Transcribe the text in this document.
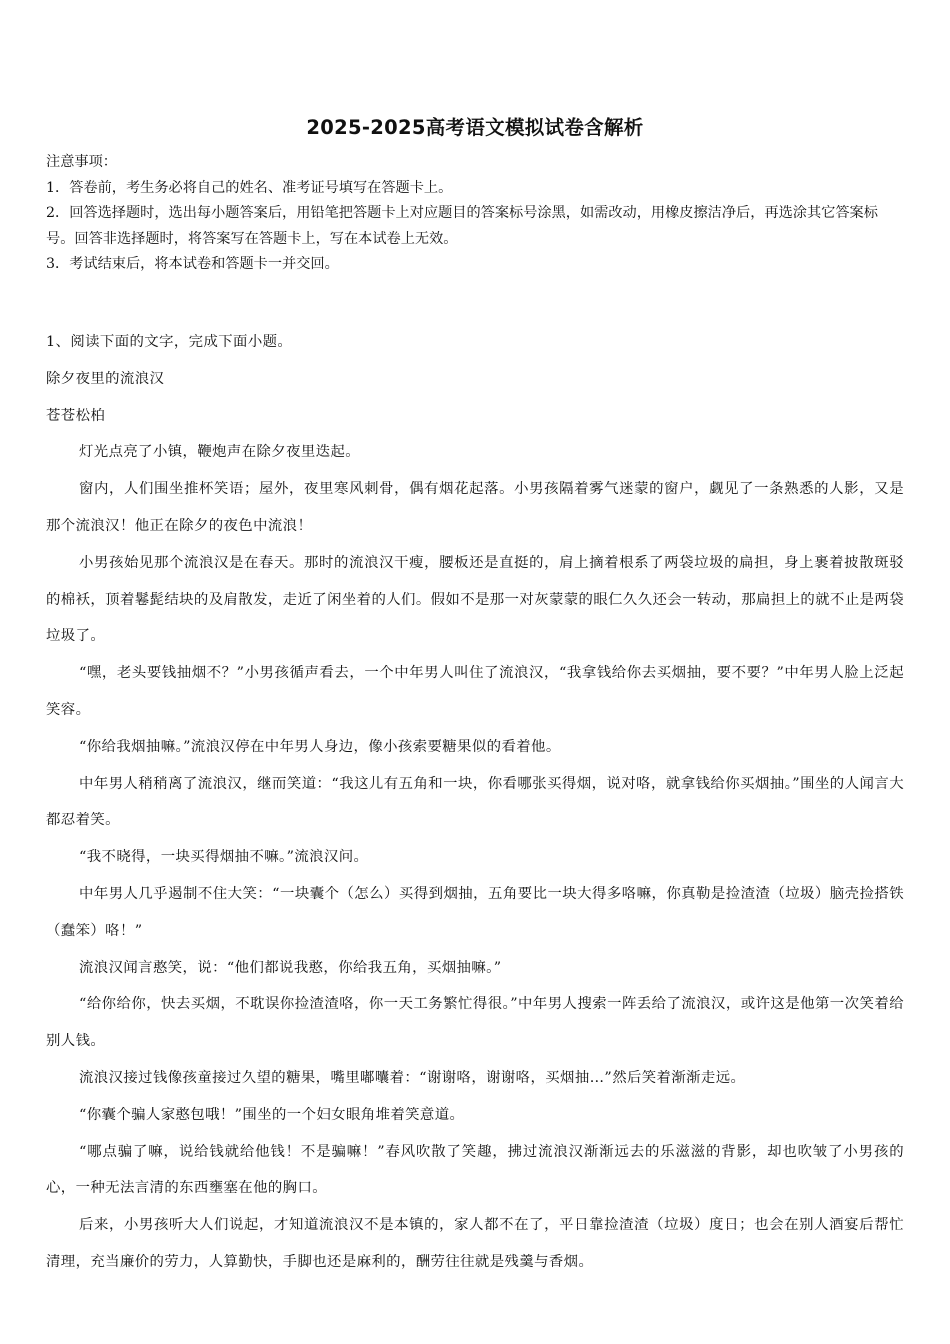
2025-2025高考语文模拟试卷含解析

注意事项：

1．答卷前，考生务必将自己的姓名、准考证号填写在答题卡上。

2．回答选择题时，选出每小题答案后，用铅笔把答题卡上对应题目的答案标号涂黑，如需改动，用橡皮擦洁净后，再选涂其它答案标号。回答非选择题时，将答案写在答题卡上，写在本试卷上无效。

3．考试结束后，将本试卷和答题卡一并交回。

1、阅读下面的文字，完成下面小题。

除夕夜里的流浪汉

苍苍松柏

灯光点亮了小镇，鞭炮声在除夕夜里迭起。

窗内，人们围坐推杯笑语；屋外，夜里寒风刺骨，偶有烟花起落。小男孩隔着雾气迷蒙的窗户，觑见了一条熟悉的人影，又是那个流浪汉！他正在除夕的夜色中流浪！

小男孩始见那个流浪汉是在春天。那时的流浪汉干瘦，腰板还是直挺的，肩上摘着根系了两袋垃圾的扁担，身上裹着披散斑驳的棉袄，顶着鬈髭结块的及肩散发，走近了闲坐着的人们。假如不是那一对灰蒙蒙的眼仁久久还会一转动，那扁担上的就不止是两袋垃圾了。

“嘿，老头要钱抽烟不？”小男孩循声看去，一个中年男人叫住了流浪汉，“我拿钱给你去买烟抽，要不要？”中年男人脸上泛起笑容。

“你给我烟抽嘛。”流浪汉停在中年男人身边，像小孩索要糖果似的看着他。

中年男人稍稍离了流浪汉，继而笑道：“我这儿有五角和一块，你看哪张买得烟，说对咯，就拿钱给你买烟抽。”围坐的人闻言大都忍着笑。

“我不晓得，一块买得烟抽不嘛。”流浪汉问。

中年男人几乎遏制不住大笑：“一块囊个（怎么）买得到烟抽，五角要比一块大得多咯嘛，你真勒是捡渣渣（垃圾）脑壳捡搭铁（蠢笨）咯！”

流浪汉闻言憨笑，说：“他们都说我憨，你给我五角，买烟抽嘛。”

“给你给你，快去买烟，不耽误你捡渣渣咯，你一天工务繁忙得很。”中年男人搜索一阵丢给了流浪汉，或许这是他第一次笑着给别人钱。

流浪汉接过钱像孩童接过久望的糖果，嘴里嘟囔着：“谢谢咯，谢谢咯，买烟抽…”然后笑着渐渐走远。

“你囊个骗人家憨包哦！”围坐的一个妇女眼角堆着笑意道。

“哪点骗了嘛，说给钱就给他钱！不是骗嘛！”春风吹散了笑趣，拂过流浪汉渐渐远去的乐滋滋的背影，却也吹皱了小男孩的心，一种无法言清的东西壅塞在他的胸口。

后来，小男孩听大人们说起，才知道流浪汉不是本镇的，家人都不在了，平日靠捡渣渣（垃圾）度日；也会在别人酒宴后帮忙清理，充当廉价的劳力，人算勤快，手脚也还是麻利的，酬劳往往就是残羹与香烟。
